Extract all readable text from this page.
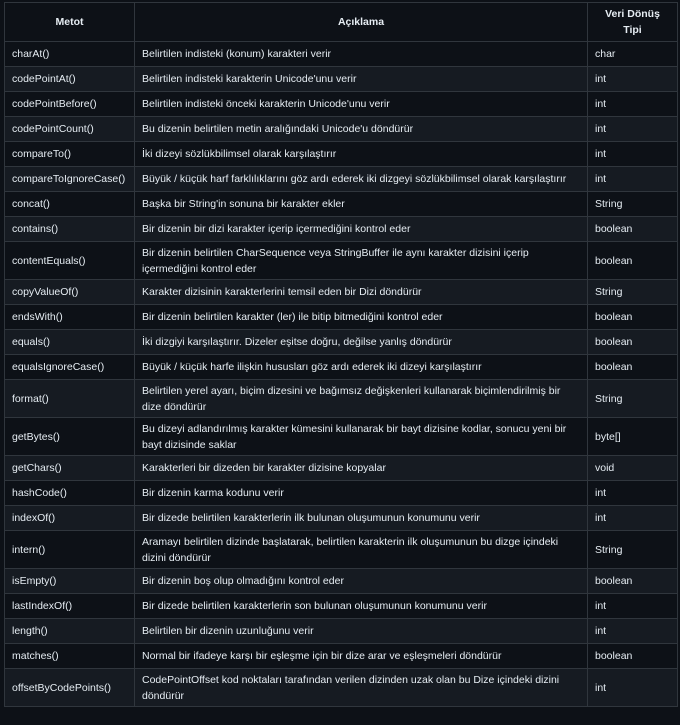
Metot	Açıklama	Veri Dönüş Tipi
charAt()	Belirtilen indisteki (konum) karakteri verir	char
codePointAt()	Belirtilen indisteki karakterin Unicode'unu verir	int
codePointBefore()	Belirtilen indisteki önceki karakterin Unicode'unu verir	int
codePointCount()	Bu dizenin belirtilen metin aralığındaki Unicode'u döndürür	int
compareTo()	İki dizeyi sözlükbilimsel olarak karşılaştırır	int
compareToIgnoreCase()	Büyük / küçük harf farklılıklarını göz ardı ederek iki dizgeyi sözlükbilimsel olarak karşılaştırır	int
concat()	Başka bir String'in sonuna bir karakter ekler	String
contains()	Bir dizenin bir dizi karakter içerip içermediğini kontrol eder	boolean
contentEquals()	Bir dizenin belirtilen CharSequence veya StringBuffer ile aynı karakter dizisini içerip içermediğini kontrol eder	boolean
copyValueOf()	Karakter dizisinin karakterlerini temsil eden bir Dizi döndürür	String
endsWith()	Bir dizenin belirtilen karakter (ler) ile bitip bitmediğini kontrol eder	boolean
equals()	İki dizgiyi karşılaştırır. Dizeler eşitse doğru, değilse yanlış döndürür	boolean
equalsIgnoreCase()	Büyük / küçük harfe ilişkin hususları göz ardı ederek iki dizeyi karşılaştırır	boolean
format()	Belirtilen yerel ayarı, biçim dizesini ve bağımsız değişkenleri kullanarak biçimlendirilmiş bir dize döndürür	String
getBytes()	Bu dizeyi adlandırılmış karakter kümesini kullanarak bir bayt dizisine kodlar, sonucu yeni bir bayt dizisinde saklar	byte[]
getChars()	Karakterleri bir dizeden bir karakter dizisine kopyalar	void
hashCode()	Bir dizenin karma kodunu verir	int
indexOf()	Bir dizede belirtilen karakterlerin ilk bulunan oluşumunun konumunu verir	int
intern()	Aramayı belirtilen dizinde başlatarak, belirtilen karakterin ilk oluşumunun bu dizge içindeki dizini döndürür	String
isEmpty()	Bir dizenin boş olup olmadığını kontrol eder	boolean
lastIndexOf()	Bir dizede belirtilen karakterlerin son bulunan oluşumunun konumunu verir	int
length()	Belirtilen bir dizenin uzunluğunu verir	int
matches()	Normal bir ifadeye karşı bir eşleşme için bir dize arar ve eşleşmeleri döndürür	boolean
offsetByCodePoints()	CodePointOffset kod noktaları tarafından verilen dizinden uzak olan bu Dize içindeki dizini döndürür	int
